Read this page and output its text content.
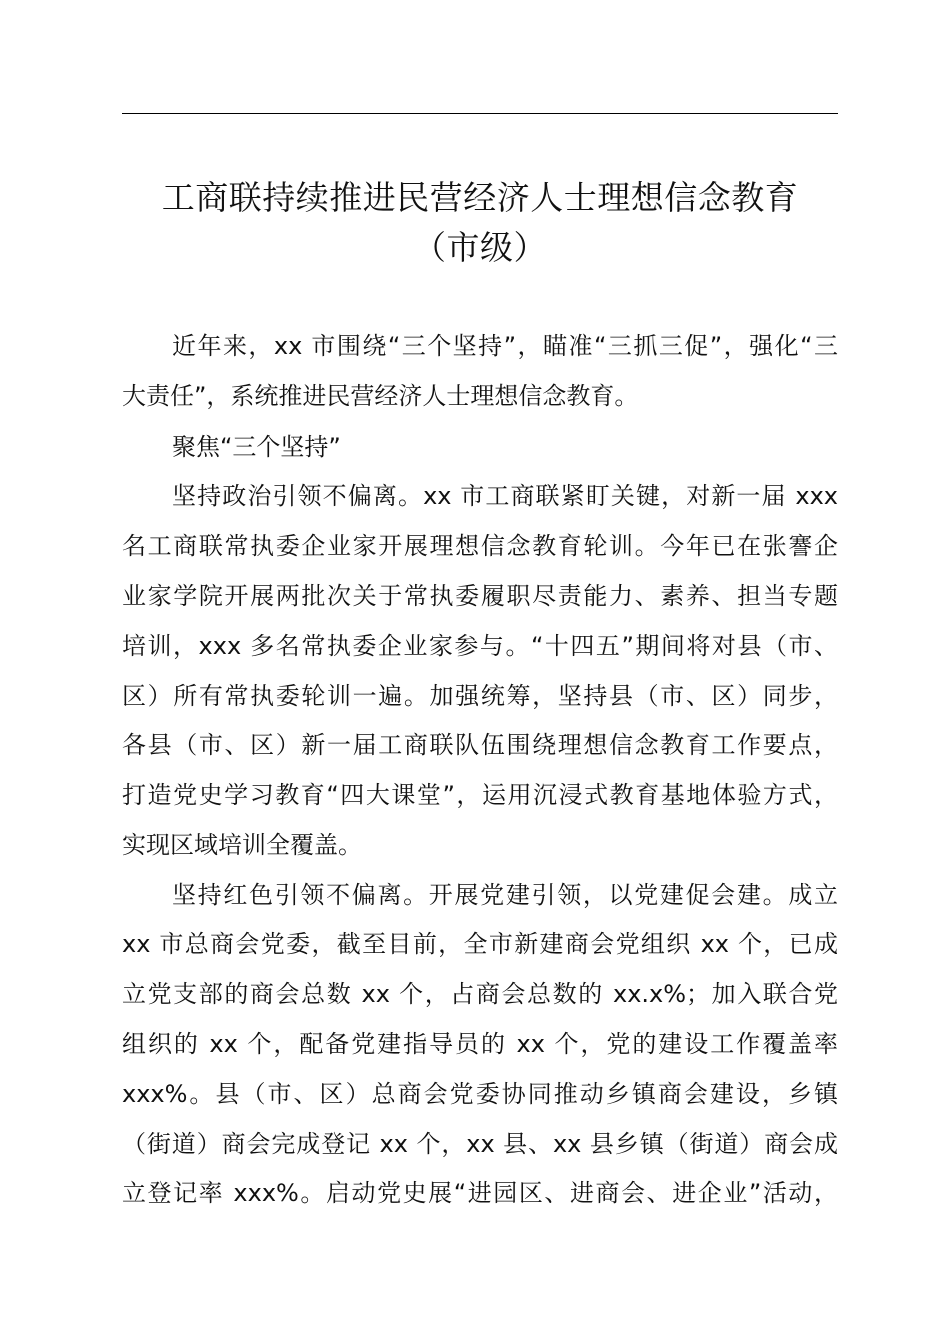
工商联持续推进民营经济人士理想信念教育
（市级）
近年来，xx 市围绕“三个坚持”，瞄准“三抓三促”，强化“三
大责任”，系统推进民营经济人士理想信念教育。
聚焦“三个坚持”
坚持政治引领不偏离。xx 市工商联紧盯关键，对新一届 xxx
名工商联常执委企业家开展理想信念教育轮训。今年已在张謇企
业家学院开展两批次关于常执委履职尽责能力、素养、担当专题
培训，xxx 多名常执委企业家参与。“十四五”期间将对县（市、
区）所有常执委轮训一遍。加强统筹，坚持县（市、区）同步，
各县（市、区）新一届工商联队伍围绕理想信念教育工作要点，
打造党史学习教育“四大课堂”，运用沉浸式教育基地体验方式，
实现区域培训全覆盖。
坚持红色引领不偏离。开展党建引领，以党建促会建。成立
xx 市总商会党委，截至目前，全市新建商会党组织 xx 个，已成
立党支部的商会总数 xx 个，占商会总数的 xx.x%；加入联合党
组织的 xx 个，配备党建指导员的 xx 个，党的建设工作覆盖率
xxx%。县（市、区）总商会党委协同推动乡镇商会建设，乡镇
（街道）商会完成登记 xx 个，xx 县、xx 县乡镇（街道）商会成
立登记率 xxx%。启动党史展“进园区、进商会、进企业”活动，
